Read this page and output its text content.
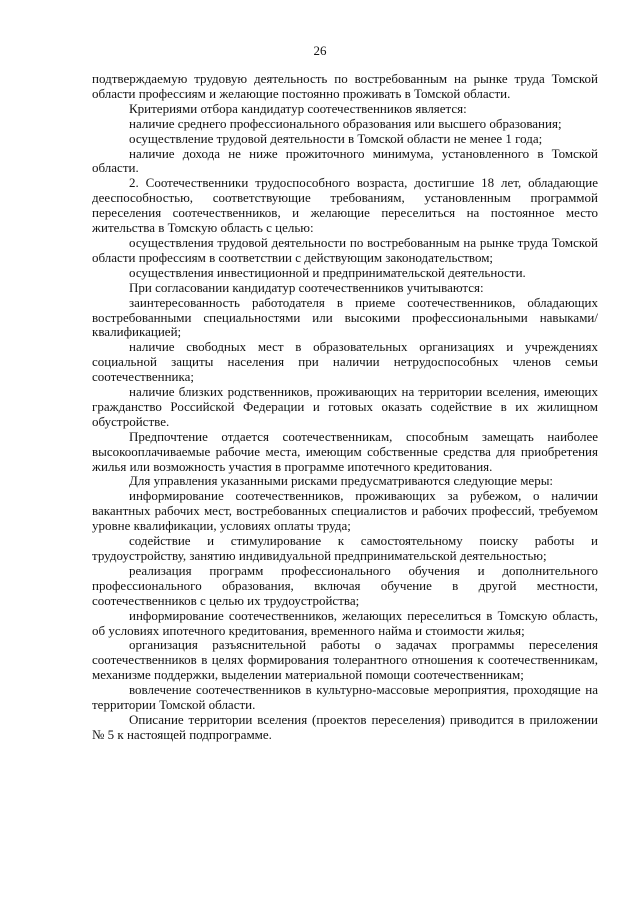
26

подтверждаемую трудовую деятельность по востребованным на рынке труда Томской области профессиям и желающие постоянно проживать в Томской области.

Критериями отбора кандидатур соотечественников является:

наличие среднего профессионального образования или высшего образования;

осуществление трудовой деятельности в Томской области не менее 1 года;

наличие дохода не ниже прожиточного минимума, установленного в Томской области.

2. Соотечественники трудоспособного возраста, достигшие 18 лет, обладающие дееспособностью, соответствующие требованиям, установленным программой переселения соотечественников, и желающие переселиться на постоянное место жительства в Томскую область с целью:

осуществления трудовой деятельности по востребованным на рынке труда Томской области профессиям в соответствии с действующим законодательством;

осуществления инвестиционной и предпринимательской деятельности.

При согласовании кандидатур соотечественников учитываются:

заинтересованность работодателя в приеме соотечественников, обладающих востребованными специальностями или высокими профессиональными навыками/квалификацией;

наличие свободных мест в образовательных организациях и учреждениях социальной защиты населения при наличии нетрудоспособных членов семьи соотечественника;

наличие близких родственников, проживающих на территории вселения, имеющих гражданство Российской Федерации и готовых оказать содействие в их жилищном обустройстве.

Предпочтение отдается соотечественникам, способным замещать наиболее высокооплачиваемые рабочие места, имеющим собственные средства для приобретения жилья или возможность участия в программе ипотечного кредитования.

Для управления указанными рисками предусматриваются следующие меры:

информирование соотечественников, проживающих за рубежом, о наличии вакантных рабочих мест, востребованных специалистов и рабочих профессий, требуемом уровне квалификации, условиях оплаты труда;

содействие и стимулирование к самостоятельному поиску работы и трудоустройству, занятию индивидуальной предпринимательской деятельностью;

реализация программ профессионального обучения и дополнительного профессионального образования, включая обучение в другой местности, соотечественников с целью их трудоустройства;

информирование соотечественников, желающих переселиться в Томскую область, об условиях ипотечного кредитования, временного найма и стоимости жилья;

организация разъяснительной работы о задачах программы переселения соотечественников в целях формирования толерантного отношения к соотечественникам, механизме поддержки, выделении материальной помощи соотечественникам;

вовлечение соотечественников в культурно-массовые мероприятия, проходящие на территории Томской области.

Описание территории вселения (проектов переселения) приводится в приложении № 5 к настоящей подпрограмме.
